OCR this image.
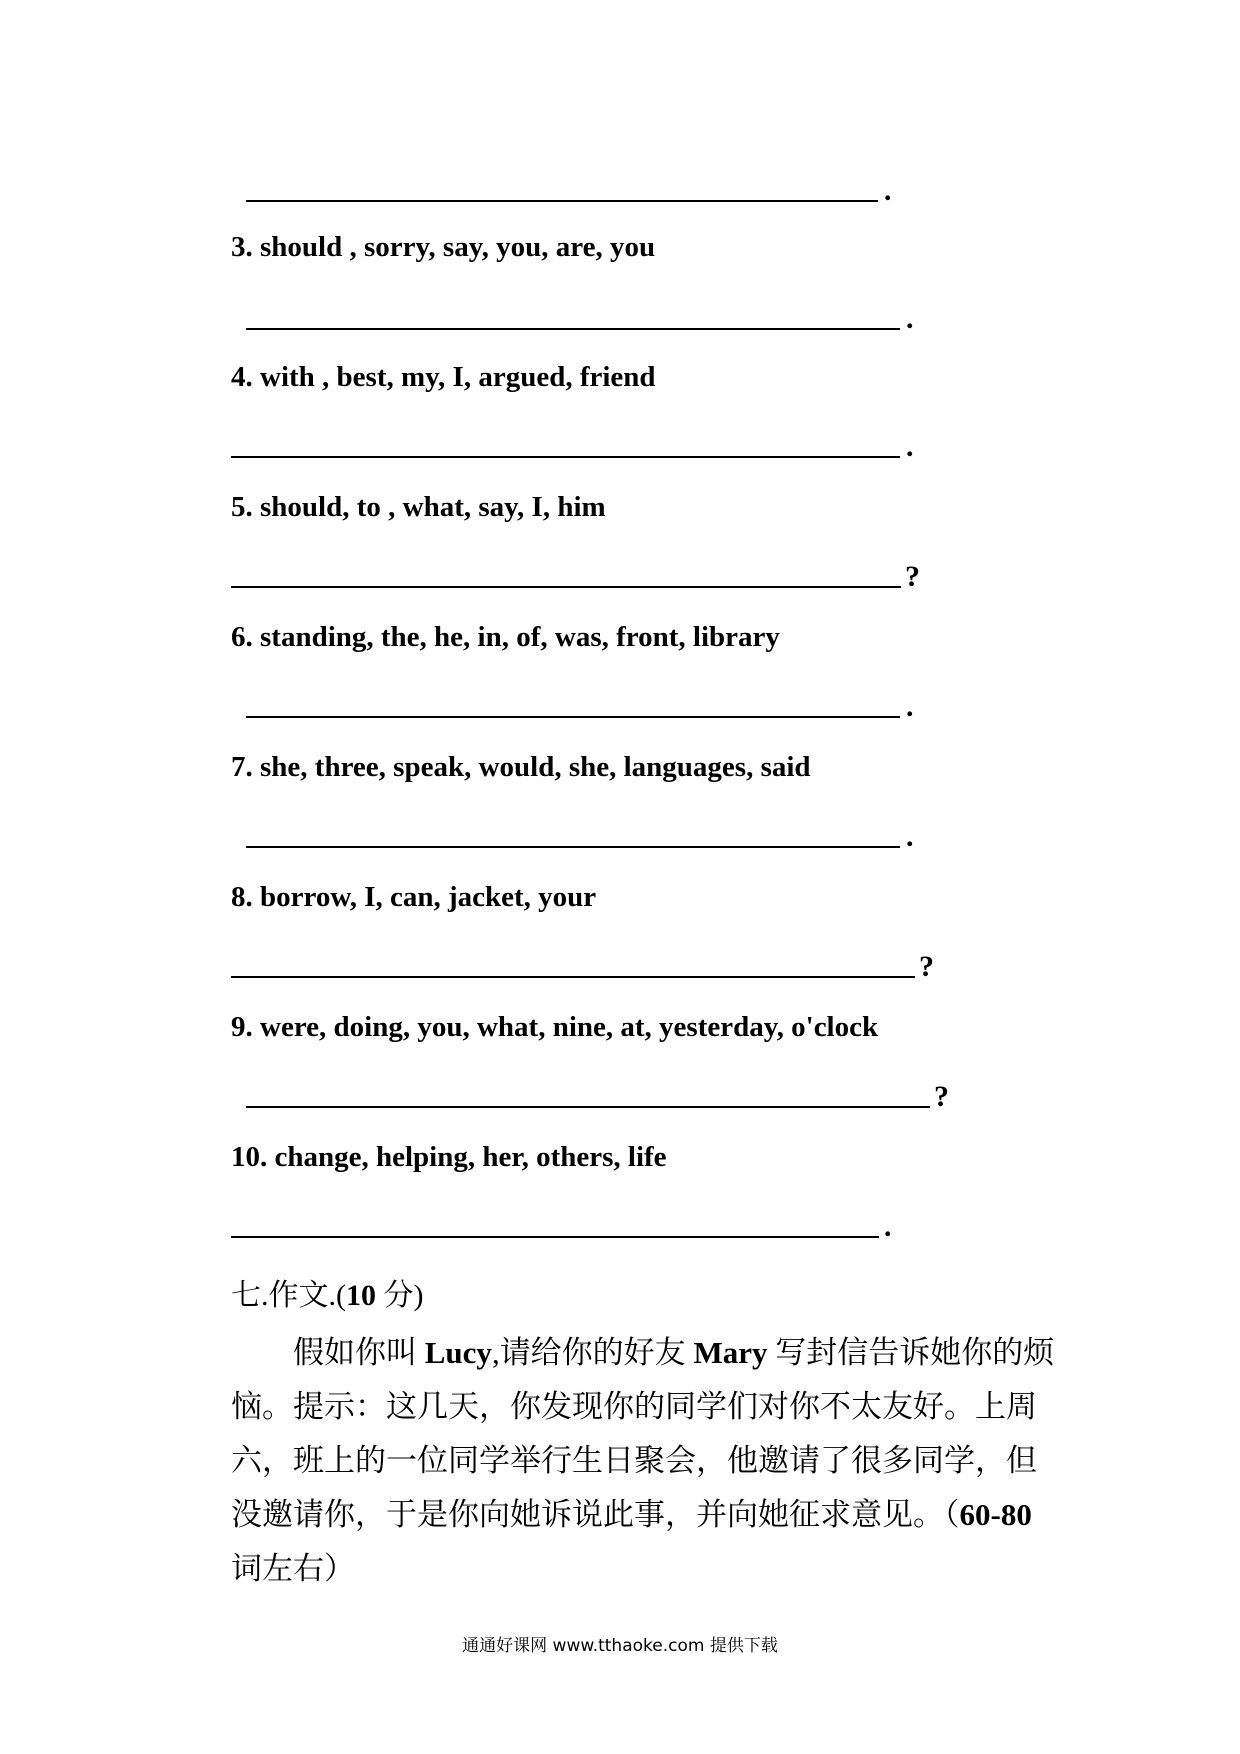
.
3. should , sorry, say, you, are, you
.
4. with , best, my, I, argued, friend
.
5. should, to , what, say, I, him
?
6. standing, the, he, in, of, was, front, library
.
7. she, three, speak, would, she, languages, said
.
8. borrow, I, can, jacket, your
?
9. were, doing, you, what, nine, at, yesterday, o'clock
?
10. change, helping, her, others, life
.
七.作文.(10 分)

假如你叫 Lucy,请给你的好友 Mary 写封信告诉她你的烦恼。提示：这几天，你发现你的同学们对你不太友好。上周六，班上的一位同学举行生日聚会，他邀请了很多同学，但没邀请你，于是你向她诉说此事，并向她征求意见。（60-80 词左右）

通通好课网 www.tthaoke.com 提供下载
